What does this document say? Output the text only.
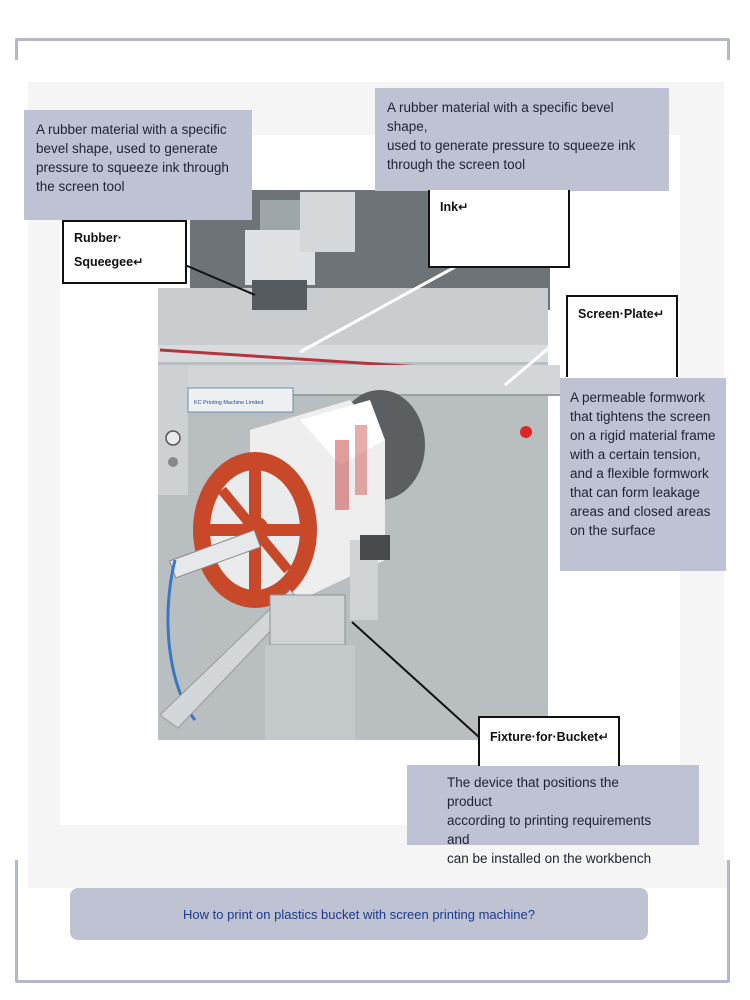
KC Printing Machine Limited

A rubber material with a specific
bevel shape, used to generate
pressure to squeeze ink through
the screen tool
A rubber material with a specific bevel shape,
used to generate pressure to squeeze ink
through the screen tool
A permeable formwork
that tightens the screen
on a rigid material frame
with a certain tension,
and a flexible formwork
that can form leakage
areas and closed areas
on the surface
The device that positions the product
according to printing requirements and
can be installed on the workbench
Rubber·
Squeegee↵
Ink↵
Screen·Plate↵
Fixture·for·Bucket↵
How to print on plastics bucket with screen printing machine?
